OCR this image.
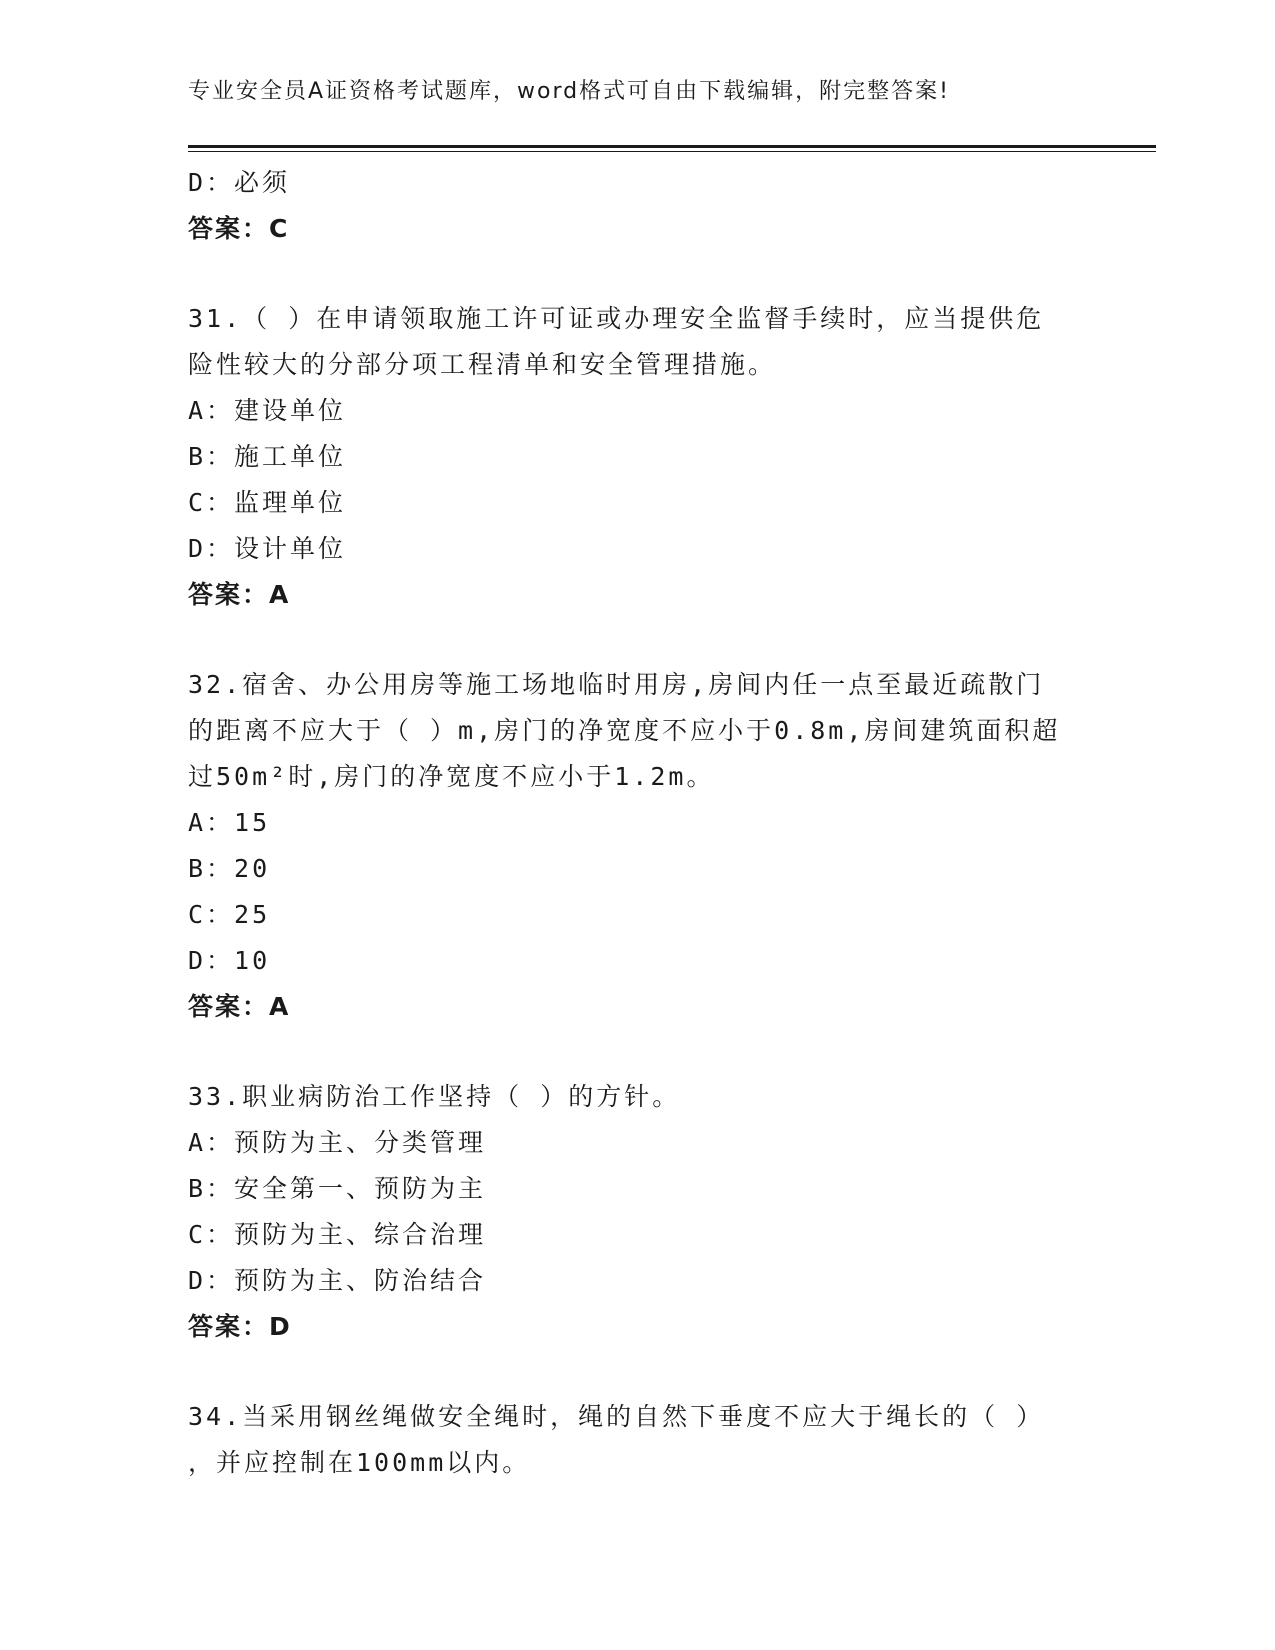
专业安全员A证资格考试题库，word格式可自由下载编辑，附完整答案!
D：必须
答案：C
31.（ ）在申请领取施工许可证或办理安全监督手续时，应当提供危
险性较大的分部分项工程清单和安全管理措施。
A：建设单位
B：施工单位
C：监理单位
D：设计单位
答案：A
32.宿舍、办公用房等施工场地临时用房,房间内任一点至最近疏散门
的距离不应大于（ ）m,房门的净宽度不应小于0.8m,房间建筑面积超
过50m²时,房门的净宽度不应小于1.2m。
A：15
B：20
C：25
D：10
答案：A
33.职业病防治工作坚持（ ）的方针。
A：预防为主、分类管理
B：安全第一、预防为主
C：预防为主、综合治理
D：预防为主、防治结合
答案：D
34.当采用钢丝绳做安全绳时，绳的自然下垂度不应大于绳长的（ ）
，并应控制在100mm以内。
